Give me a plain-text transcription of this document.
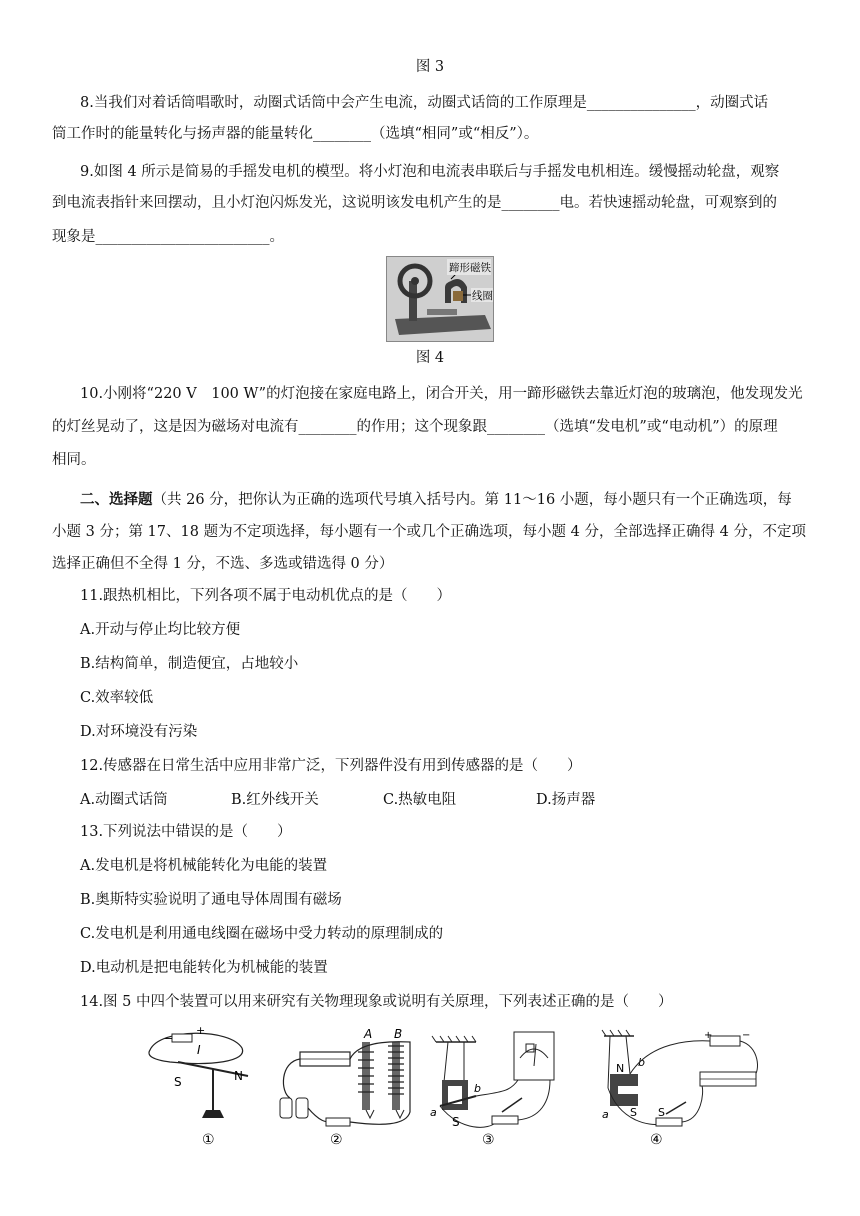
图 3
8.当我们对着话筒唱歌时，动圈式话筒中会产生电流，动圈式话筒的工作原理是_______________，动圈式话
筒工作时的能量转化与扬声器的能量转化________（选填“相同”或“相反”）。
9.如图 4 所示是简易的手摇发电机的模型。将小灯泡和电流表串联后与手摇发电机相连。缓慢摇动轮盘，观察
到电流表指针来回摆动，且小灯泡闪烁发光，这说明该发电机产生的是________电。若快速摇动轮盘，可观察到的
现象是________________________。
蹄形磁铁
线圈
图 4
10.小刚将“220 V　100 W”的灯泡接在家庭电路上，闭合开关，用一蹄形磁铁去靠近灯泡的玻璃泡，他发现发光
的灯丝晃动了，这是因为磁场对电流有________的作用；这个现象跟________（选填“发电机”或“电动机”）的原理
相同。
二、选择题（共 26 分，把你认为正确的选项代号填入括号内。第 11～16 小题，每小题只有一个正确选项，每
小题 3 分；第 17、18 题为不定项选择，每小题有一个或几个正确选项，每小题 4 分，全部选择正确得 4 分，不定项
选择正确但不全得 1 分，不选、多选或错选得 0 分）
11.跟热机相比，下列各项不属于电动机优点的是（　　）
A.开动与停止均比较方便
B.结构简单，制造便宜，占地较小
C.效率较低
D.对环境没有污染
12.传感器在日常生活中应用非常广泛，下列器件没有用到传感器的是（　　）
A.动圈式话筒	B.红外线开关	C.热敏电阻	D.扬声器
13.下列说法中错误的是（　　）
A.发电机是将机械能转化为电能的装置
B.奥斯特实验说明了通电导体周围有磁场
C.发电机是利用通电线圈在磁场中受力转动的原理制成的
D.电动机是把电能转化为机械能的装置
14.图 5 中四个装置可以用来研究有关物理现象或说明有关原理，下列表述正确的是（　　）
−
+
I
S	N
①
A B
②
a
b
S
③
N b
a S
+	−
S
④
